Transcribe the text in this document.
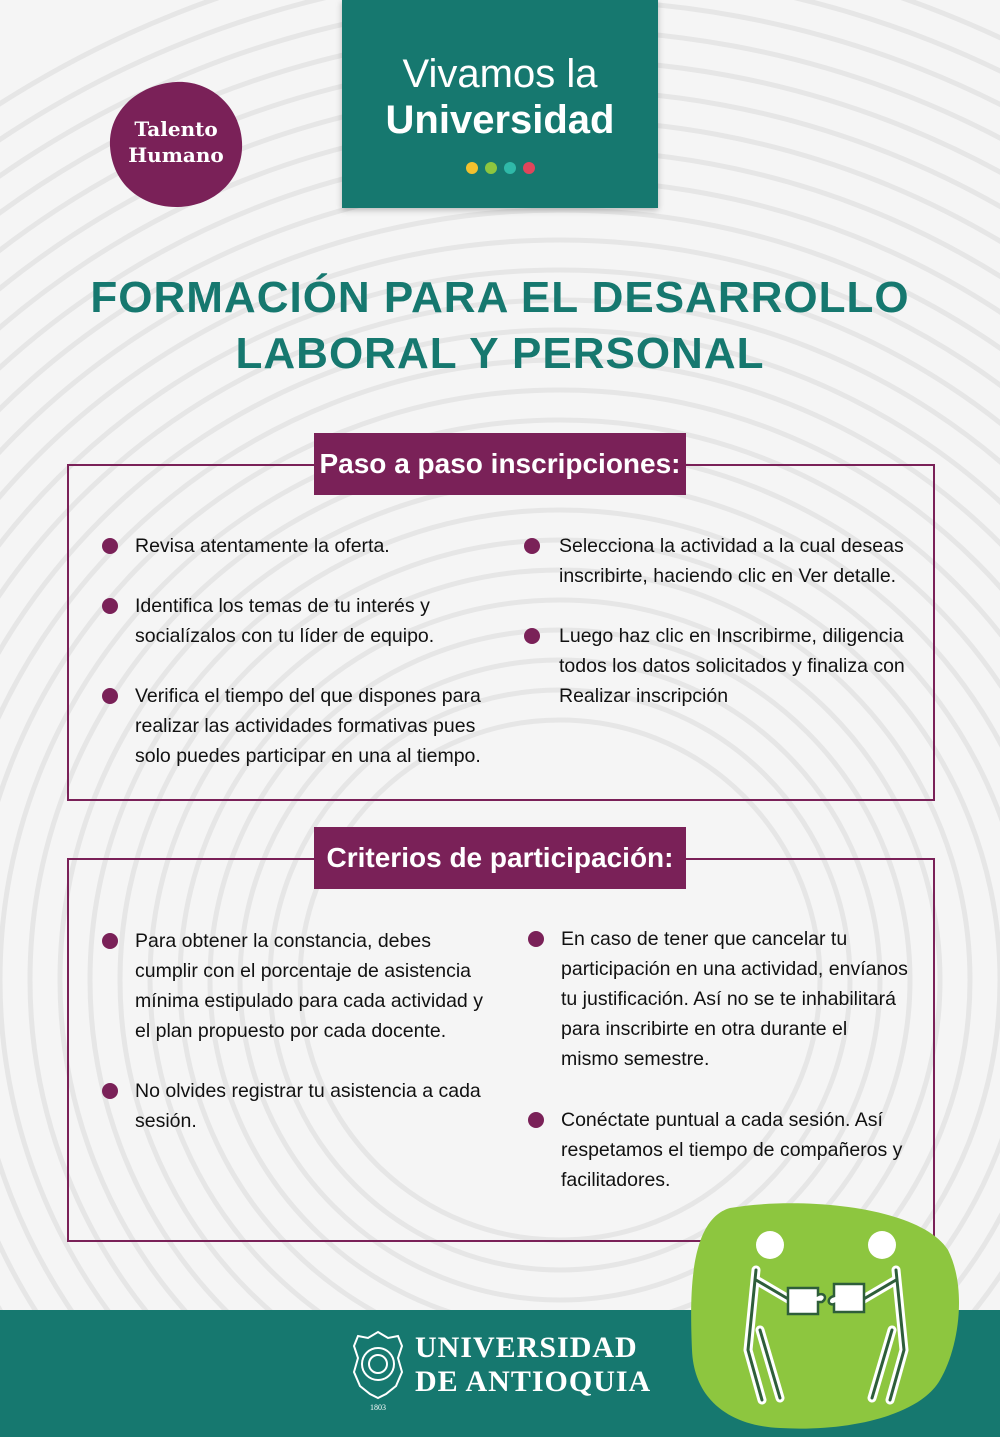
Vivamos la
Universidad
Talento
Humano
FORMACIÓN PARA EL DESARROLLO
LABORAL Y PERSONAL
Paso a paso inscripciones:
Revisa atentamente la oferta.
Identifica los temas de tu interés y
socialízalos con tu líder de equipo.
Verifica el tiempo del que dispones para
realizar las actividades formativas pues
solo puedes participar en una al tiempo.
Selecciona la actividad a la cual deseas
inscribirte, haciendo clic en Ver detalle.
Luego haz clic en Inscribirme, diligencia
todos los datos solicitados y finaliza con
Realizar inscripción
Criterios de participación:
Para obtener la constancia, debes
cumplir con el porcentaje de asistencia
mínima estipulado para cada actividad y
el plan propuesto por cada docente.
No olvides registrar tu asistencia a cada
sesión.
En caso de tener que cancelar tu
participación en una actividad, envíanos
tu justificación. Así no se te inhabilitará
para inscribirte en otra durante el
mismo semestre.
Conéctate puntual a cada sesión. Así
respetamos el tiempo de compañeros y
facilitadores.
1803
UNIVERSIDAD
DE ANTIOQUIA
